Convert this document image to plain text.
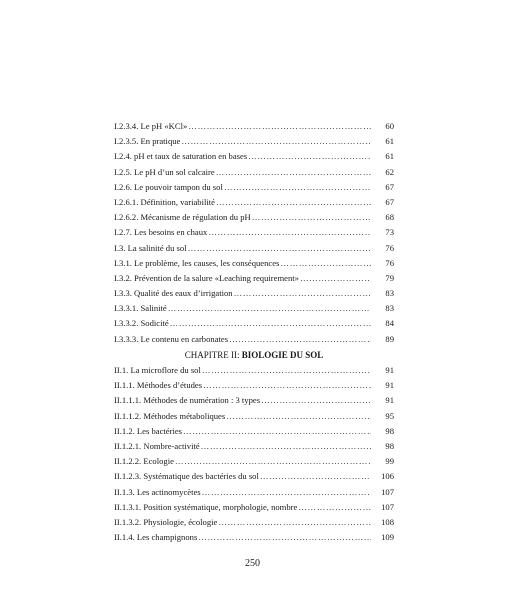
I.2.3.4. Le pH «KCl» ……………………………………………………………………………………………………………………	60
I.2.3.5. En pratique ……………………………………………………………………………………………………………………	61
I.2.4. pH et taux de saturation en bases ……………………………………………………………………………………………………………………	61
I.2.5. Le pH d’un sol calcaire ……………………………………………………………………………………………………………………	62
I.2.6. Le pouvoir tampon du sol ……………………………………………………………………………………………………………………	67
I.2.6.1. Définition, variabilité ……………………………………………………………………………………………………………………	67
I.2.6.2. Mécanisme de régulation du pH ……………………………………………………………………………………………………………………	68
I.2.7. Les besoins en chaux ……………………………………………………………………………………………………………………	73
I.3. La salinité du sol ……………………………………………………………………………………………………………………	76
I.3.1. Le problème, les causes, les conséquences ……………………………………………………………………………………………………………………	76
I.3.2. Prévention de la salure «Leaching requirement» ……………………………………………………………………………………………………………………	79
I.3.3. Qualité des eaux d’irrigation ……………………………………………………………………………………………………………………	83
I.3.3.1. Salinité ……………………………………………………………………………………………………………………	83
I.3.3.2. Sodicité ……………………………………………………………………………………………………………………	84
I.3.3.3. Le contenu en carbonates ……………………………………………………………………………………………………………………	89
CHAPITRE II: BIOLOGIE DU SOL
II.1. La microflore du sol ……………………………………………………………………………………………………………………	91
II.1.1. Méthodes d’études ……………………………………………………………………………………………………………………	91
II.1.1.1. Méthodes de numération : 3 types ……………………………………………………………………………………………………………………	91
II.1.1.2. Méthodes métaboliques ……………………………………………………………………………………………………………………	95
II.1.2. Les bactéries ……………………………………………………………………………………………………………………	98
II.1.2.1. Nombre-activité ……………………………………………………………………………………………………………………	98
II.1.2.2. Ecologie ……………………………………………………………………………………………………………………	99
II.1.2.3. Systématique des bactéries du sol ……………………………………………………………………………………………………………………	106
II.1.3. Les actinomycètes ……………………………………………………………………………………………………………………	107
II.1.3.1. Position systématique, morphologie, nombre ……………………………………………………………………………………………………………………	107
II.1.3.2. Physiologie, écologie ……………………………………………………………………………………………………………………	108
II.1.4. Les champignons ……………………………………………………………………………………………………………………	109
250
